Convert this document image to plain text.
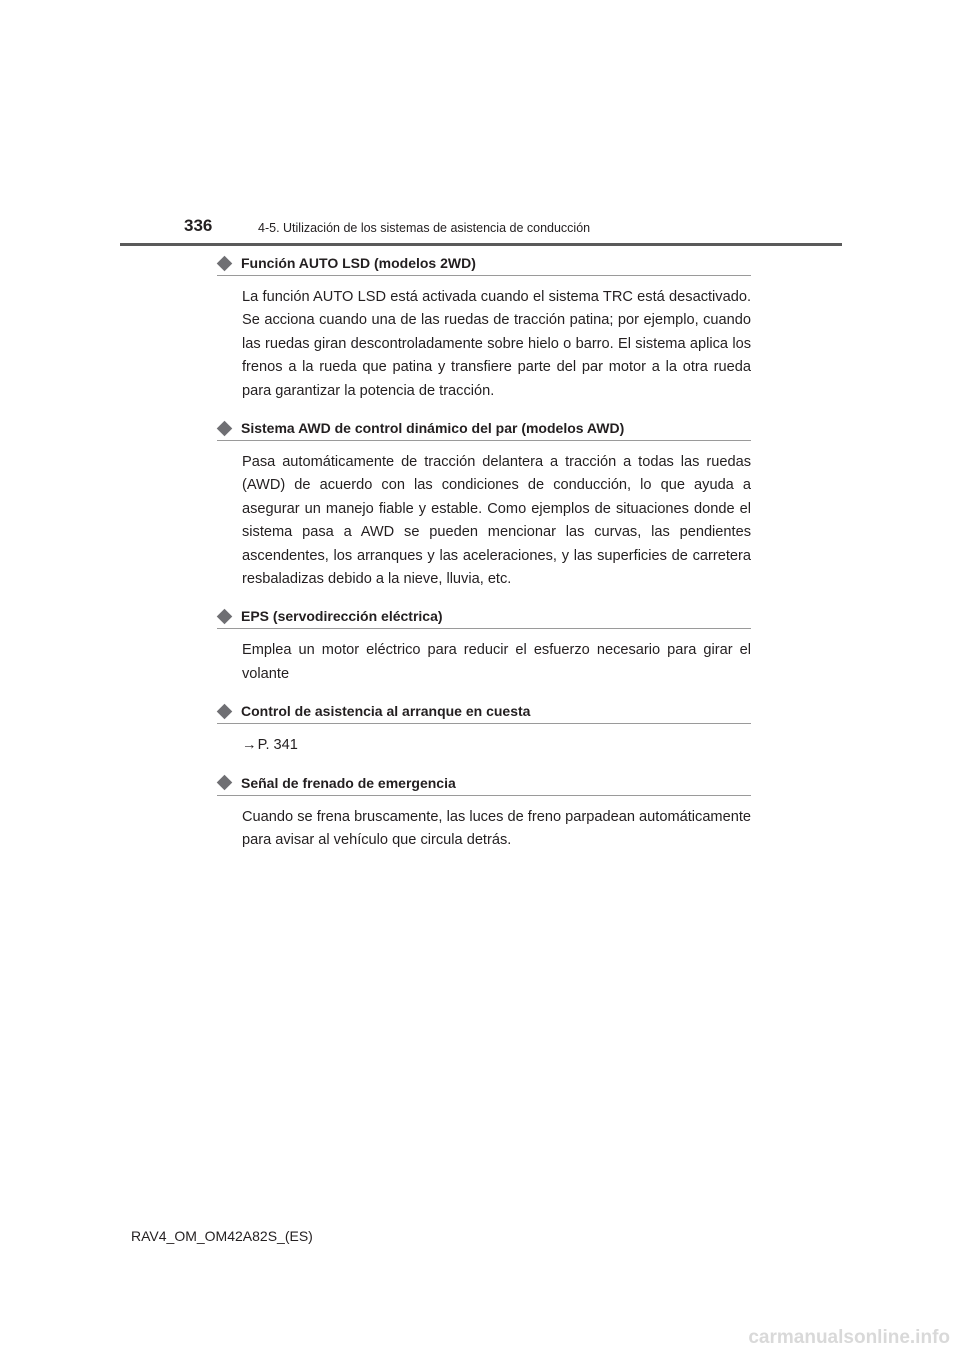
336	4-5. Utilización de los sistemas de asistencia de conducción
Función AUTO LSD (modelos 2WD)
La función AUTO LSD está activada cuando el sistema TRC está desactivado. Se acciona cuando una de las ruedas de tracción patina; por ejemplo, cuando las ruedas giran descontroladamente sobre hielo o barro. El sistema aplica los frenos a la rueda que patina y transfiere parte del par motor a la otra rueda para garantizar la potencia de tracción.
Sistema AWD de control dinámico del par (modelos AWD)
Pasa automáticamente de tracción delantera a tracción a todas las ruedas (AWD) de acuerdo con las condiciones de conducción, lo que ayuda a asegurar un manejo fiable y estable. Como ejemplos de situaciones donde el sistema pasa a AWD se pueden mencionar las curvas, las pendientes ascendentes, los arranques y las aceleraciones, y las superficies de carretera resbaladizas debido a la nieve, lluvia, etc.
EPS (servodirección eléctrica)
Emplea un motor eléctrico para reducir el esfuerzo necesario para girar el volante
Control de asistencia al arranque en cuesta
→P. 341
Señal de frenado de emergencia
Cuando se frena bruscamente, las luces de freno parpadean automáticamente para avisar al vehículo que circula detrás.
RAV4_OM_OM42A82S_(ES)
carmanualsonline.info
